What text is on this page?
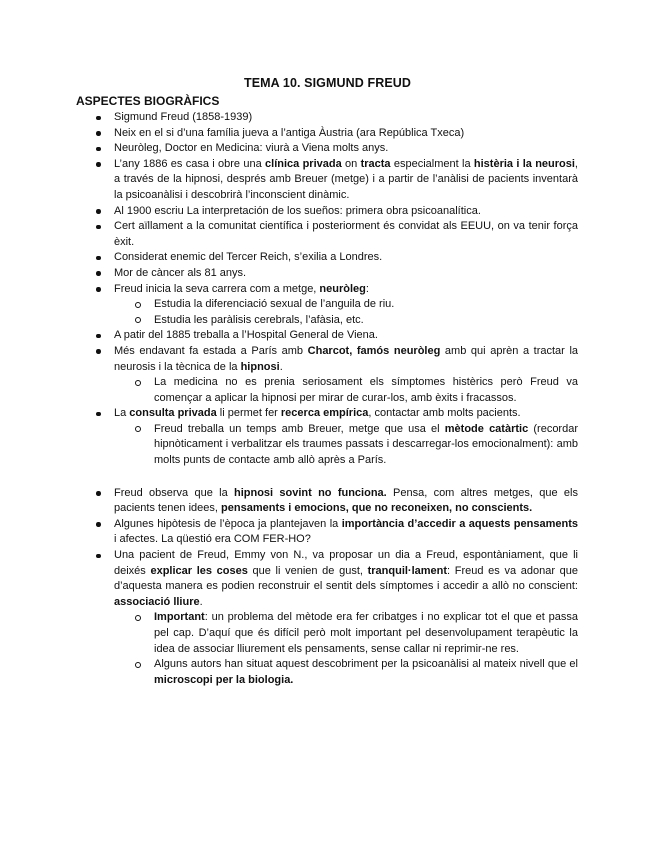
TEMA 10. SIGMUND FREUD
ASPECTES BIOGRÀFICS
Sigmund Freud (1858-1939)
Neix en el si d’una família jueva a l’antiga Àustria (ara República Txeca)
Neuròleg, Doctor en Medicina: viurà a Viena molts anys.
L’any 1886 es casa i obre una clínica privada on tracta especialment la histèria i la neurosi, a través de la hipnosi, després amb Breuer (metge) i a partir de l’anàlisi de pacients inventarà la psicoanàlisi i descobrirà l’inconscient dinàmic.
Al 1900 escriu La interpretación de los sueños: primera obra psicoanalítica.
Cert aïllament a la comunitat científica i posteriorment és convidat als EEUU, on va tenir força èxit.
Considerat enemic del Tercer Reich, s’exilia a Londres.
Mor de càncer als 81 anys.
Freud inicia la seva carrera com a metge, neuròleg:
Estudia la diferenciació sexual de l’anguila de riu.
Estudia les paràlisis cerebrals, l’afàsia, etc.
A patir del 1885 treballa a l’Hospital General de Viena.
Més endavant fa estada a París amb Charcot, famós neuròleg amb qui aprèn a tractar la neurosis i la tècnica de la hipnosi.
La medicina no es prenia seriosament els símptomes histèrics però Freud va començar a aplicar la hipnosi per mirar de curar-los, amb èxits i fracassos.
La consulta privada li permet fer recerca empírica, contactar amb molts pacients.
Freud treballa un temps amb Breuer, metge que usa el mètode catàrtic (recordar hipnòticament i verbalitzar els traumes passats i descarregar-los emocionalment): amb molts punts de contacte amb allò après a París.
Freud observa que la hipnosi sovint no funciona. Pensa, com altres metges, que els pacients tenen idees, pensaments i emocions, que no reconeixen, no conscients.
Algunes hipòtesis de l’època ja plantejaven la importància d’accedir a aquests pensaments i afectes. La qüestió era COM FER-HO?
Una pacient de Freud, Emmy von N., va proposar un dia a Freud, espontàniament, que li deixés explicar les coses que li venien de gust, tranquil·lament: Freud es va adonar que d’aquesta manera es podien reconstruir el sentit dels símptomes i accedir a allò no conscient: associació lliure.
Important: un problema del mètode era fer cribatges i no explicar tot el que et passa pel cap. D’aquí que és difícil però molt important pel desenvolupament terapèutic la idea de associar lliurement els pensaments, sense callar ni reprimir-ne res.
Alguns autors han situat aquest descobriment per la psicoanàlisi al mateix nivell que el microscopi per la biologia.
